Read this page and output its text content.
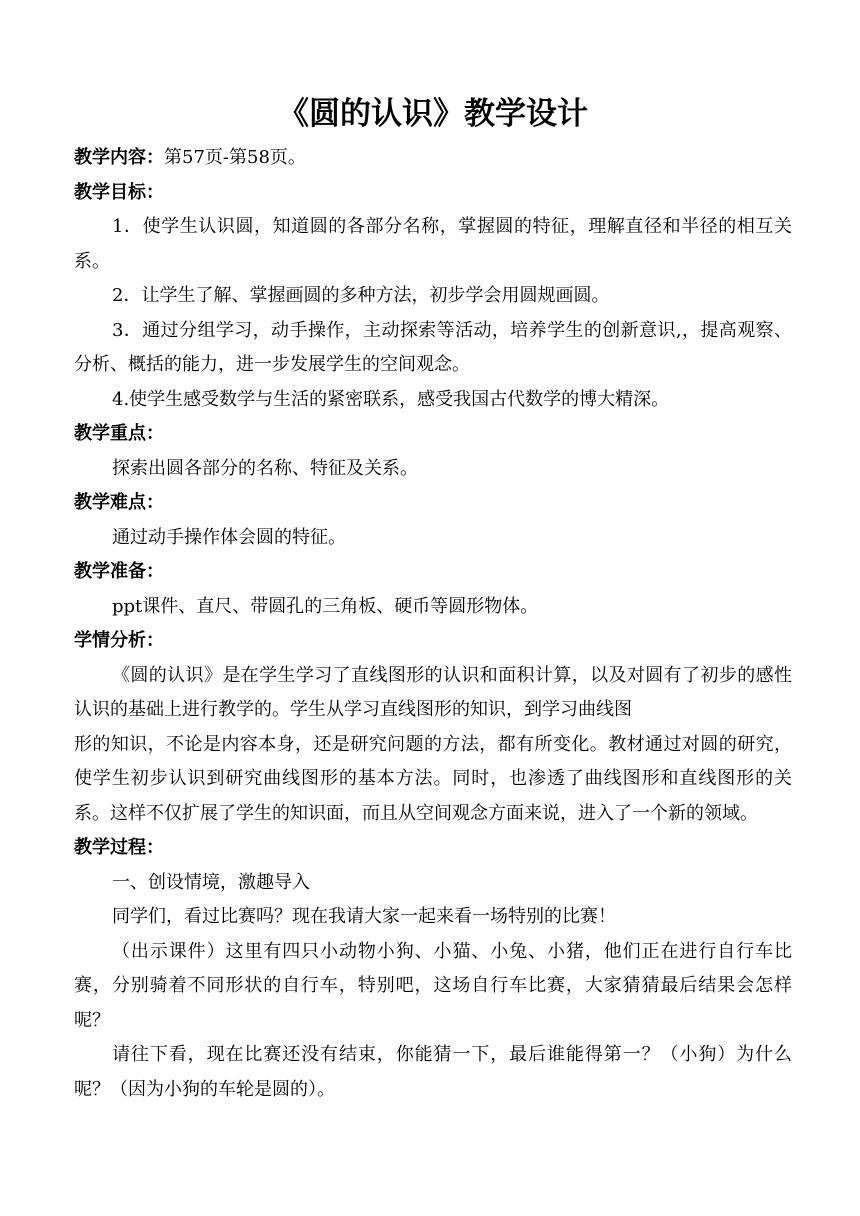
《圆的认识》教学设计

教学内容：第57页-第58页。

教学目标：

1．使学生认识圆，知道圆的各部分名称，掌握圆的特征，理解直径和半径的相互关系。

2．让学生了解、掌握画圆的多种方法，初步学会用圆规画圆。

3．通过分组学习，动手操作，主动探索等活动，培养学生的创新意识,，提高观察、分析、概括的能力，进一步发展学生的空间观念。

4.使学生感受数学与生活的紧密联系，感受我国古代数学的博大精深。

教学重点：

探索出圆各部分的名称、特征及关系。

教学难点：

通过动手操作体会圆的特征。

教学准备：

ppt课件、直尺、带圆孔的三角板、硬币等圆形物体。

学情分析：

《圆的认识》是在学生学习了直线图形的认识和面积计算，以及对圆有了初步的感性认识的基础上进行教学的。学生从学习直线图形的知识，到学习曲线图

形的知识，不论是内容本身，还是研究问题的方法，都有所变化。教材通过对圆的研究，使学生初步认识到研究曲线图形的基本方法。同时，也渗透了曲线图形和直线图形的关系。这样不仅扩展了学生的知识面，而且从空间观念方面来说，进入了一个新的领域。

教学过程：

一、创设情境，激趣导入

同学们，看过比赛吗？现在我请大家一起来看一场特别的比赛！

（出示课件）这里有四只小动物小狗、小猫、小兔、小猪，他们正在进行自行车比赛，分别骑着不同形状的自行车，特别吧，这场自行车比赛，大家猜猜最后结果会怎样呢？

请往下看，现在比赛还没有结束，你能猜一下，最后谁能得第一？（小狗）为什么呢？（因为小狗的车轮是圆的）。
